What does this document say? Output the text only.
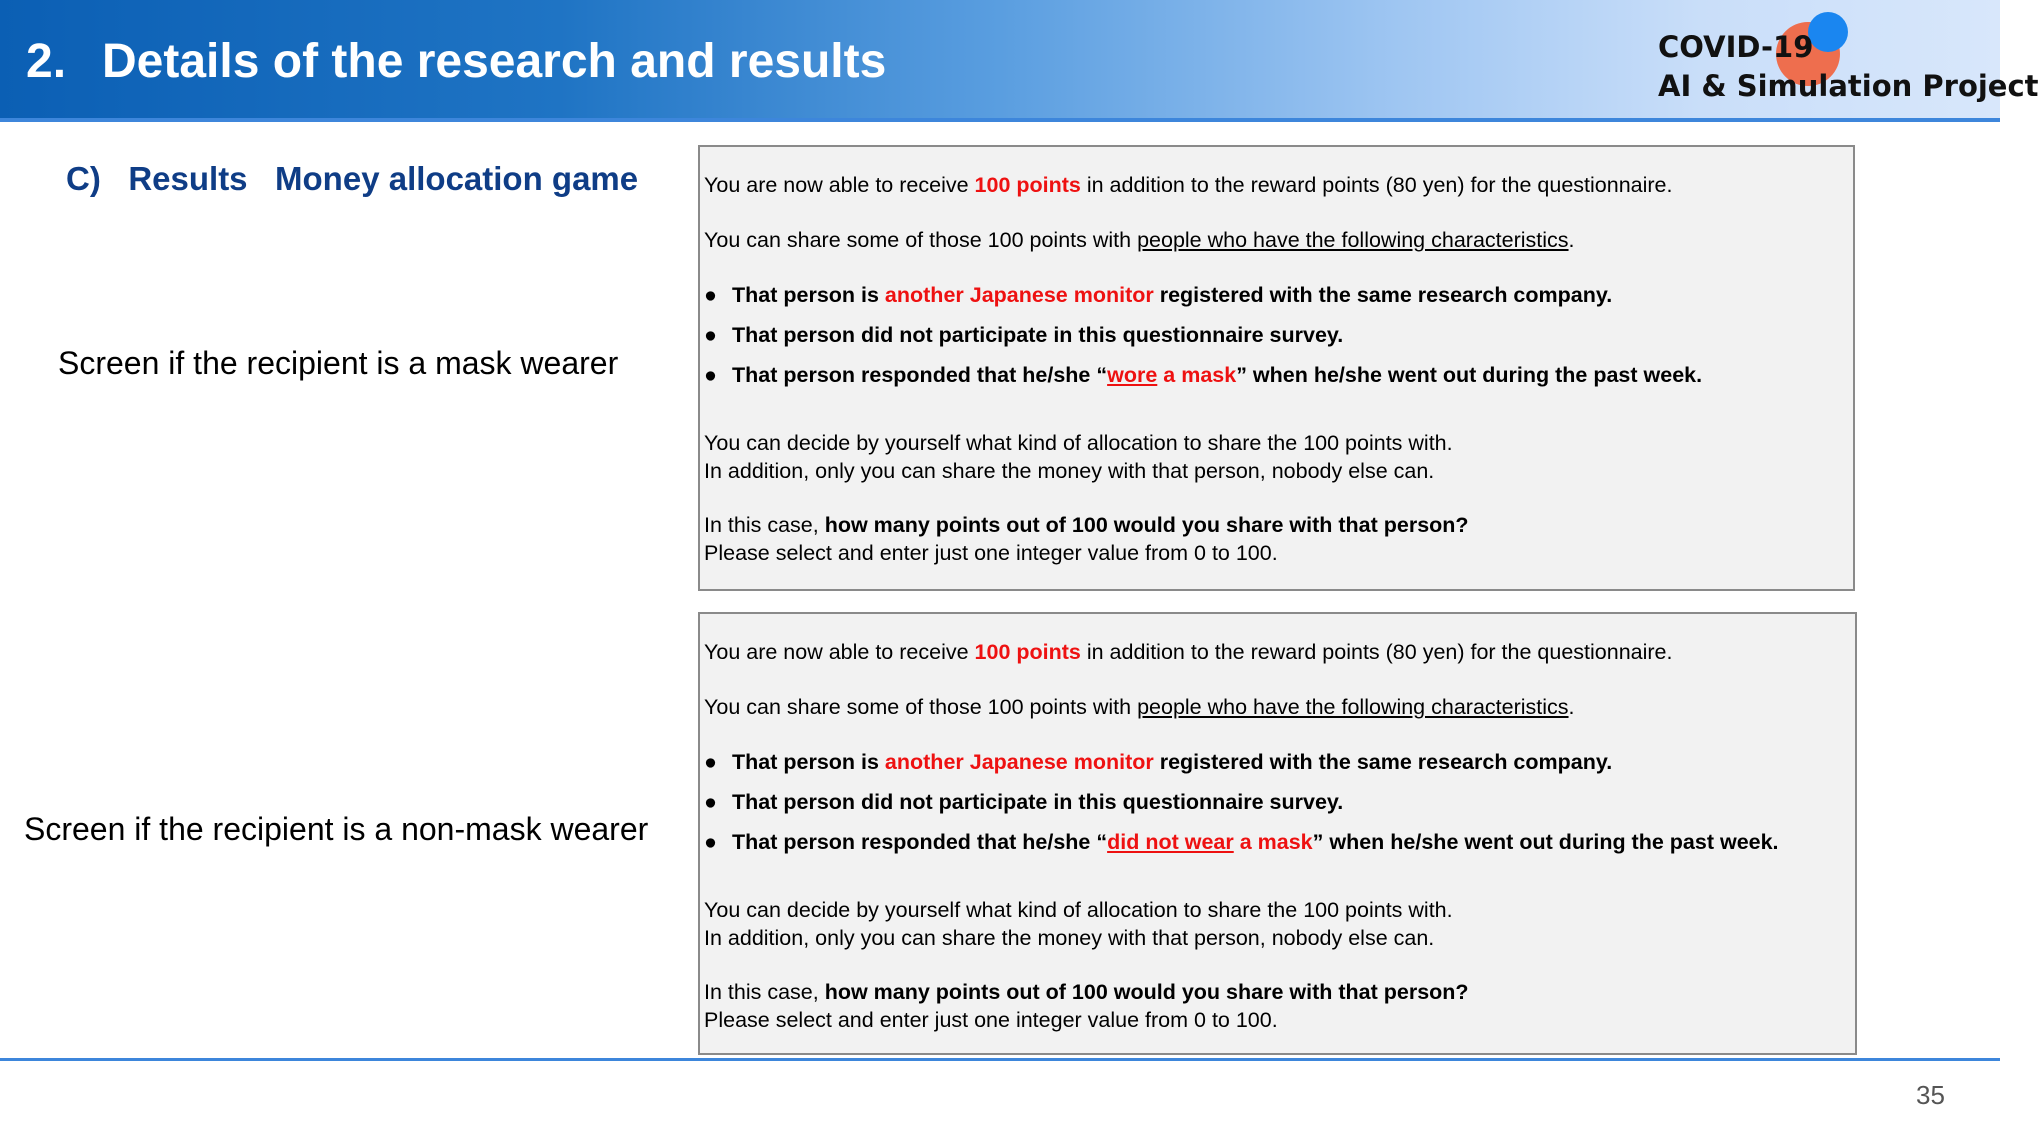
2. Details of the research and results	COVID-19
AI & Simulation Project
C)   Results   Money allocation game
Screen if the recipient is a mask wearer
Screen if the recipient is a non-mask wearer
You are now able to receive 100 points in addition to the reward points (80 yen) for the questionnaire.
You can share some of those 100 points with people who have the following characteristics.
● That person is another Japanese monitor registered with the same research company.
● That person did not participate in this questionnaire survey.
● That person responded that he/she “wore a mask” when he/she went out during the past week.
You can decide by yourself what kind of allocation to share the 100 points with.
In addition, only you can share the money with that person, nobody else can.
In this case, how many points out of 100 would you share with that person?
Please select and enter just one integer value from 0 to 100.
You are now able to receive 100 points in addition to the reward points (80 yen) for the questionnaire.
You can share some of those 100 points with people who have the following characteristics.
● That person is another Japanese monitor registered with the same research company.
● That person did not participate in this questionnaire survey.
● That person responded that he/she “did not wear a mask” when he/she went out during the past week.
You can decide by yourself what kind of allocation to share the 100 points with.
In addition, only you can share the money with that person, nobody else can.
In this case, how many points out of 100 would you share with that person?
Please select and enter just one integer value from 0 to 100.
35
